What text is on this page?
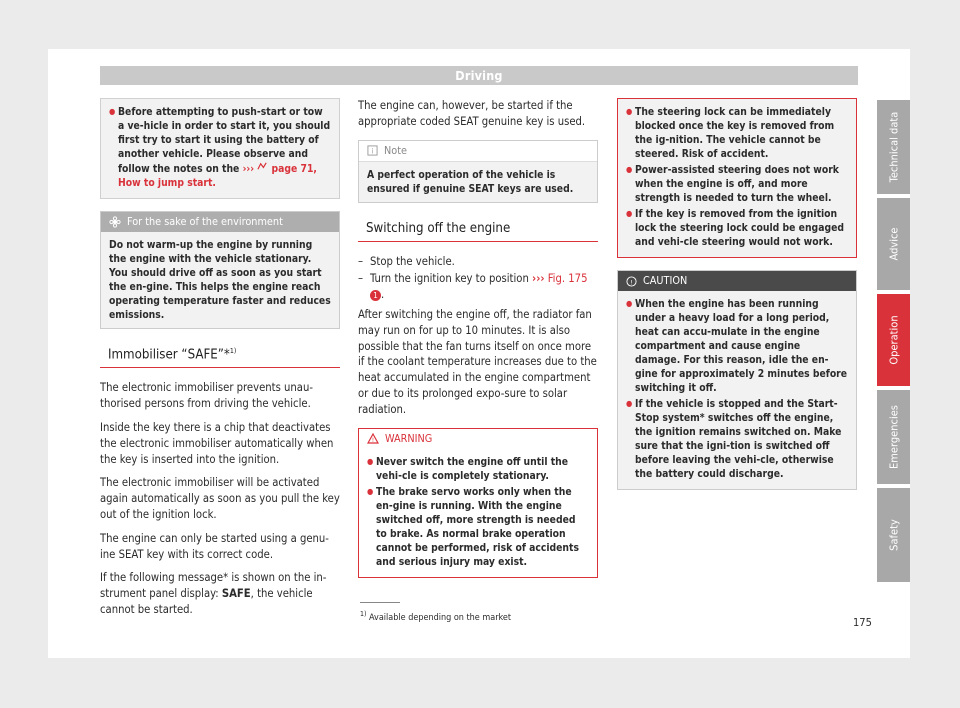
Driving
● Before attempting to push-start or tow a ve-hicle in order to start it, you should first try to start it using the battery of another vehicle. Please observe and follow the notes on the ››› page 71, How to jump start.
For the sake of the environment
Do not warm-up the engine by running the engine with the vehicle stationary. You should drive off as soon as you start the en-gine. This helps the engine reach operating temperature faster and reduces emissions.
Immobiliser “SAFE”*$^{1)}$

The electronic immobiliser prevents unau-thorised persons from driving the vehicle.

Inside the key there is a chip that deactivates the electronic immobiliser automatically when the key is inserted into the ignition.

The electronic immobiliser will be activated again automatically as soon as you pull the key out of the ignition lock.

The engine can only be started using a genu-ine SEAT key with its correct code.

If the following message* is shown on the in-strument panel display: SAFE, the vehicle cannot be started.

The engine can, however, be started if the appropriate coded SEAT genuine key is used.

i Note
A perfect operation of the vehicle is ensured if genuine SEAT keys are used.
Switching off the engine
– Stop the vehicle.
– Turn the ignition key to position ››› Fig. 175 1 .

After switching the engine off, the radiator fan may run on for up to 10 minutes. It is also possible that the fan turns itself on once more if the coolant temperature increases due to the heat accumulated in the engine compartment or due to its prolonged expo-sure to solar radiation.

! WARNING
● Never switch the engine off until the vehi-cle is completely stationary.
● The brake servo works only when the en-gine is running. With the engine switched off, more strength is needed to brake. As normal brake operation cannot be performed, risk of accidents and serious injury may exist.
● The steering lock can be immediately blocked once the key is removed from the ig-nition. The vehicle cannot be steered. Risk of accident.
● Power-assisted steering does not work when the engine is off, and more strength is needed to turn the wheel.
● If the key is removed from the ignition lock the steering lock could be engaged and vehi-cle steering would not work.
! CAUTION
● When the engine has been running under a heavy load for a long period, heat can accu-mulate in the engine compartment and cause engine damage. For this reason, idle the en-gine for approximately 2 minutes before switching it off.
● If the vehicle is stopped and the Start-Stop system* switches off the engine, the ignition remains switched on. Make sure that the igni-tion is switched off before leaving the vehi-cle, otherwise the battery could discharge.
Technical data
Advice
Operation
Emergencies
Safety
$^{1)}$ Available depending on the market	175
